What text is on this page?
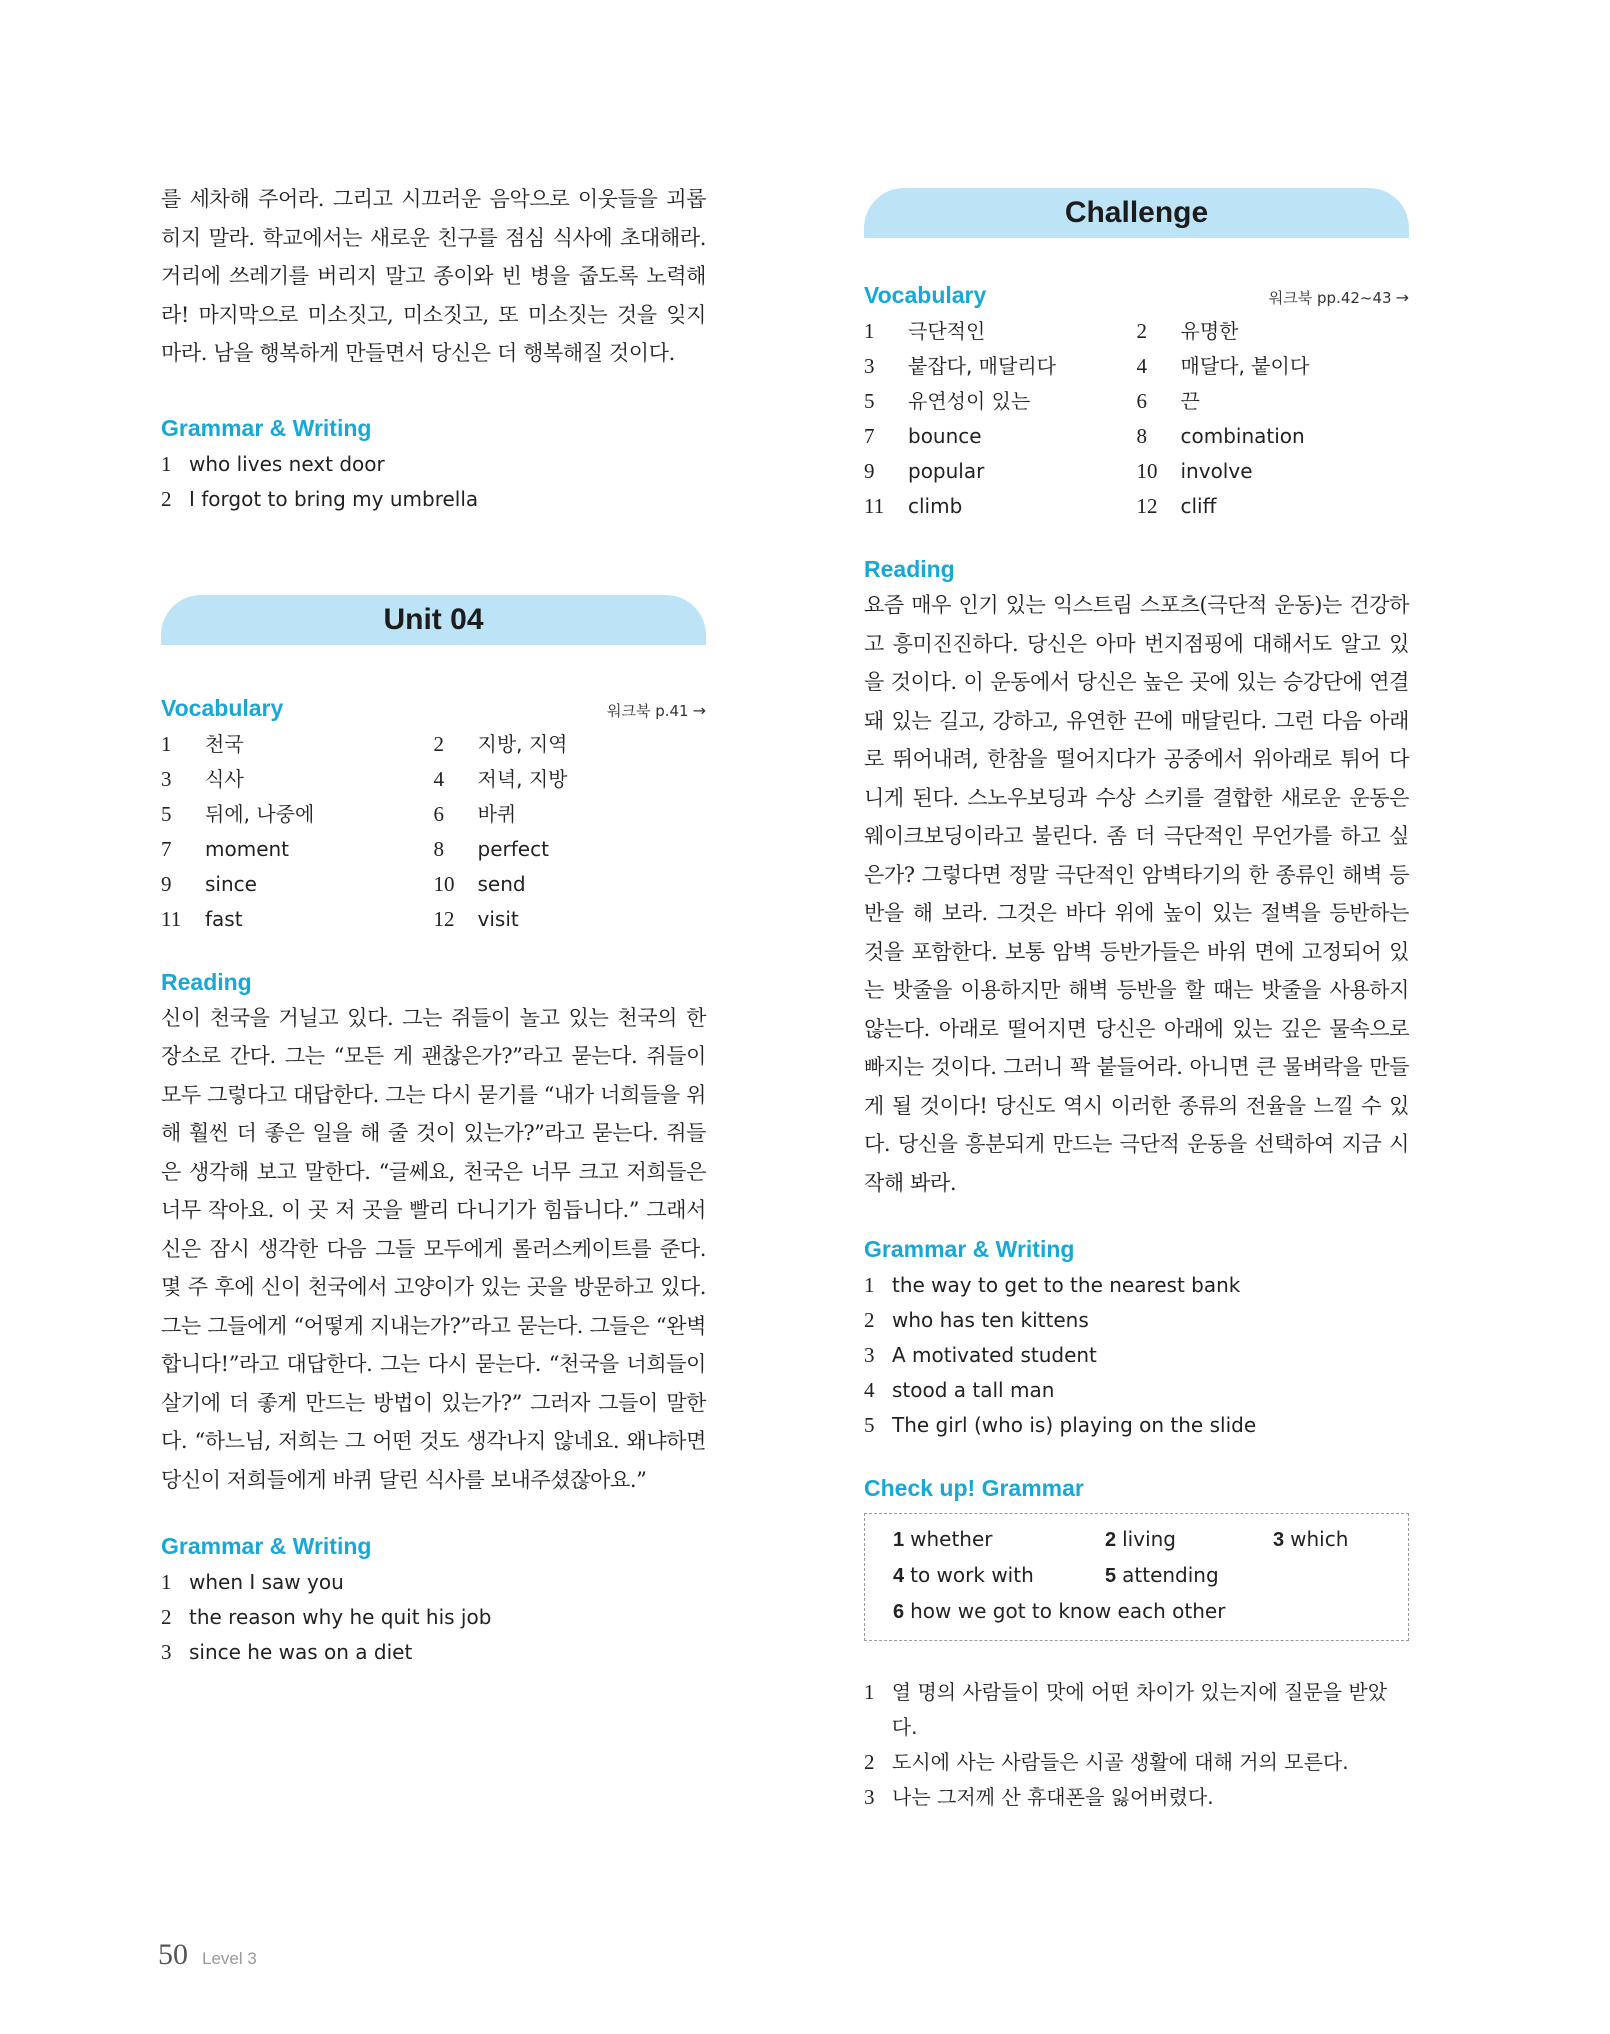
를 세차해 주어라. 그리고 시끄러운 음악으로 이웃들을 괴롭히지 말라. 학교에서는 새로운 친구를 점심 식사에 초대해라. 거리에 쓰레기를 버리지 말고 종이와 빈 병을 줍도록 노력해라! 마지막으로 미소짓고, 미소짓고, 또 미소짓는 것을 잊지 마라. 남을 행복하게 만들면서 당신은 더 행복해질 것이다.

Grammar & Writing
1 who lives next door
2 I forgot to bring my umbrella
Unit 04
Vocabulary	워크북 p.41 →
1	천국	2	지방, 지역
3	식사	4	저녁, 지방
5	뒤에, 나중에	6	바퀴
7	moment	8	perfect
9	since	10	send
11	fast	12	visit
Reading

신이 천국을 거닐고 있다. 그는 쥐들이 놀고 있는 천국의 한 장소로 간다. 그는 “모든 게 괜찮은가?”라고 묻는다. 쥐들이 모두 그렇다고 대답한다. 그는 다시 묻기를 “내가 너희들을 위해 훨씬 더 좋은 일을 해 줄 것이 있는가?”라고 묻는다. 쥐들은 생각해 보고 말한다. “글쎄요, 천국은 너무 크고 저희들은 너무 작아요. 이 곳 저 곳을 빨리 다니기가 힘듭니다.” 그래서 신은 잠시 생각한 다음 그들 모두에게 롤러스케이트를 준다. 몇 주 후에 신이 천국에서 고양이가 있는 곳을 방문하고 있다. 그는 그들에게 “어떻게 지내는가?”라고 묻는다. 그들은 “완벽합니다!”라고 대답한다. 그는 다시 묻는다. “천국을 너희들이 살기에 더 좋게 만드는 방법이 있는가?” 그러자 그들이 말한다. “하느님, 저희는 그 어떤 것도 생각나지 않네요. 왜냐하면 당신이 저희들에게 바퀴 달린 식사를 보내주셨잖아요.”

Grammar & Writing
1 when I saw you
2 the reason why he quit his job
3 since he was on a diet
Challenge
Vocabulary	워크북 pp.42~43 →
1	극단적인	2	유명한
3	붙잡다, 매달리다	4	매달다, 붙이다
5	유연성이 있는	6	끈
7	bounce	8	combination
9	popular	10	involve
11	climb	12	cliff
Reading

요즘 매우 인기 있는 익스트림 스포츠(극단적 운동)는 건강하고 흥미진진하다. 당신은 아마 번지점핑에 대해서도 알고 있을 것이다. 이 운동에서 당신은 높은 곳에 있는 승강단에 연결돼 있는 길고, 강하고, 유연한 끈에 매달린다. 그런 다음 아래로 뛰어내려, 한참을 떨어지다가 공중에서 위아래로 튀어 다니게 된다. 스노우보딩과 수상 스키를 결합한 새로운 운동은 웨이크보딩이라고 불린다. 좀 더 극단적인 무언가를 하고 싶은가? 그렇다면 정말 극단적인 암벽타기의 한 종류인 해벽 등반을 해 보라. 그것은 바다 위에 높이 있는 절벽을 등반하는 것을 포함한다. 보통 암벽 등반가들은 바위 면에 고정되어 있는 밧줄을 이용하지만 해벽 등반을 할 때는 밧줄을 사용하지 않는다. 아래로 떨어지면 당신은 아래에 있는 깊은 물속으로 빠지는 것이다. 그러니 꽉 붙들어라. 아니면 큰 물벼락을 만들게 될 것이다! 당신도 역시 이러한 종류의 전율을 느낄 수 있다. 당신을 흥분되게 만드는 극단적 운동을 선택하여 지금 시작해 봐라.

Grammar & Writing
1 the way to get to the nearest bank
2 who has ten kittens
3 A motivated student
4 stood a tall man
5 The girl (who is) playing on the slide
Check up! Grammar
1 whether	2 living	3 which
4 to work with	5 attending
6 how we got to know each other
1 열 명의 사람들이 맛에 어떤 차이가 있는지에 질문을 받았다.
2 도시에 사는 사람들은 시골 생활에 대해 거의 모른다.
3 나는 그저께 산 휴대폰을 잃어버렸다.
50 Level 3
